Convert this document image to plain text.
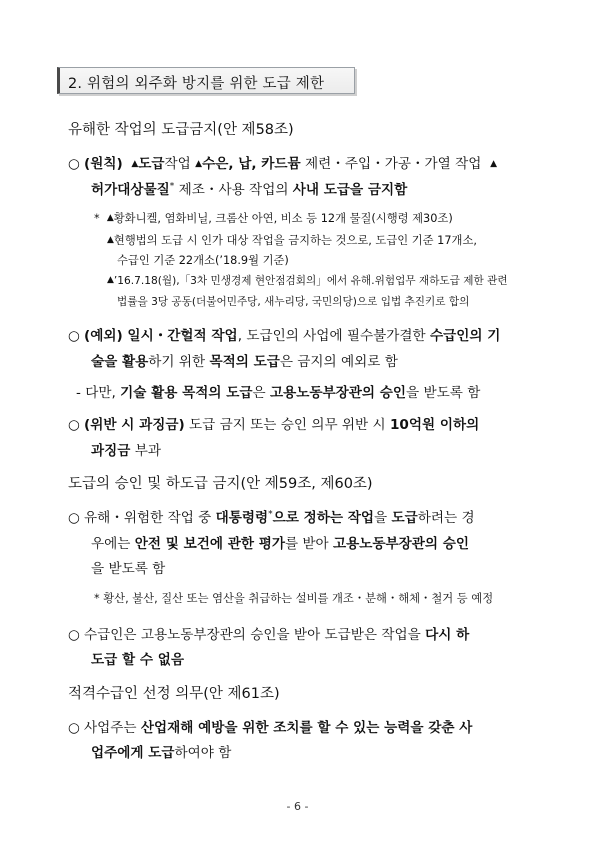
2. 위험의 외주화 방지를 위한 도급 제한
유해한 작업의 도급금지(안 제58조)
○ (원칙) ▲도급작업 ▲수은, 납, 카드뮴 제련・주입・가공・가열 작업 ▲
허가대상물질* 제조・사용 작업의 사내 도급을 금지함
* ▲황화니켈, 염화비닐, 크롬산 아연, 비소 등 12개 물질(시행령 제30조)
▲현행법의 도급 시 인가 대상 작업을 금지하는 것으로, 도급인 기준 17개소,
수급인 기준 22개소(’18.9월 기준)
▲’16.7.18(월),「3차 민생경제 현안점검회의」에서 유해․위험업무 재하도급 제한 관련
법률을 3당 공동(더불어민주당, 새누리당, 국민의당)으로 입법 추진키로 합의
○ (예외) 일시・간헐적 작업, 도급인의 사업에 필수불가결한 수급인의 기
술을 활용하기 위한 목적의 도급은 금지의 예외로 함
- 다만, 기술 활용 목적의 도급은 고용노동부장관의 승인을 받도록 함
○ (위반 시 과징금) 도급 금지 또는 승인 의무 위반 시 10억원 이하의
과징금 부과
도급의 승인 및 하도급 금지(안 제59조, 제60조)
○ 유해・위험한 작업 중 대통령령*으로 정하는 작업을 도급하려는 경
우에는 안전 및 보건에 관한 평가를 받아 고용노동부장관의 승인
을 받도록 함
* 황산, 불산, 질산 또는 염산을 취급하는 설비를 개조・분해・해체・철거 등 예정
○ 수급인은 고용노동부장관의 승인을 받아 도급받은 작업을 다시 하
도급 할 수 없음
적격수급인 선정 의무(안 제61조)
○ 사업주는 산업재해 예방을 위한 조치를 할 수 있는 능력을 갖춘 사
업주에게 도급하여야 함
- 6 -
